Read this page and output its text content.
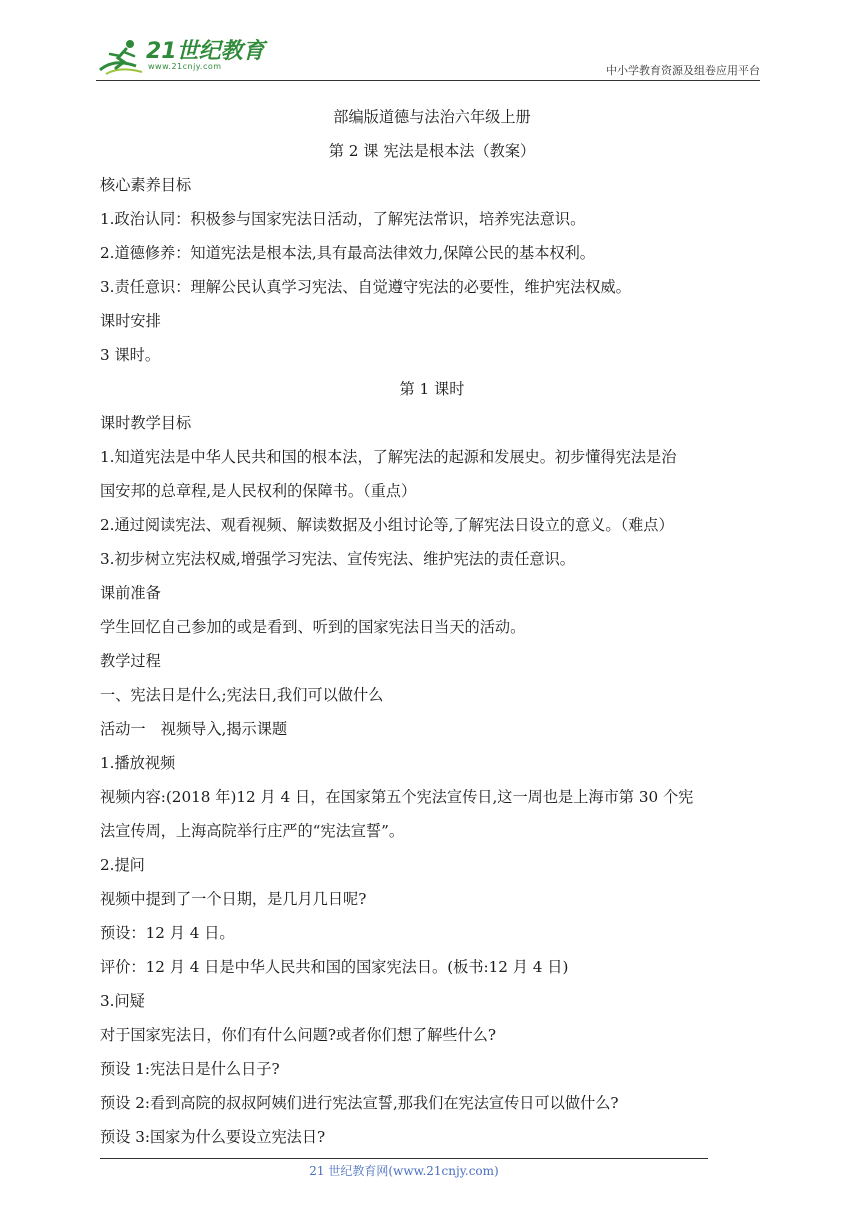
21世纪教育
www.21cnjy.com	中小学教育资源及组卷应用平台
部编版道德与法治六年级上册
第 2 课 宪法是根本法（教案）
核心素养目标
1.政治认同：积极参与国家宪法日活动，了解宪法常识，培养宪法意识。
2.道德修养：知道宪法是根本法,具有最高法律效力,保障公民的基本权利。
3.责任意识：理解公民认真学习宪法、自觉遵守宪法的必要性，维护宪法权威。
课时安排
3 课时。
第 1 课时
课时教学目标
1.知道宪法是中华人民共和国的根本法，了解宪法的起源和发展史。初步懂得宪法是治
国安邦的总章程,是人民权利的保障书。（重点）
2.通过阅读宪法、观看视频、解读数据及小组讨论等,了解宪法日设立的意义。（难点）
3.初步树立宪法权威,增强学习宪法、宣传宪法、维护宪法的责任意识。
课前准备
学生回忆自己参加的或是看到、听到的国家宪法日当天的活动。
教学过程
一、宪法日是什么;宪法日,我们可以做什么
活动一　视频导入,揭示课题
1.播放视频
视频内容:(2018 年)12 月 4 日，在国家第五个宪法宣传日,这一周也是上海市第 30 个宪
法宣传周，上海高院举行庄严的“宪法宣誓”。
2.提问
视频中提到了一个日期，是几月几日呢?
预设：12 月 4 日。
评价：12 月 4 日是中华人民共和国的国家宪法日。(板书:12 月 4 日)
3.问疑
对于国家宪法日，你们有什么问题?或者你们想了解些什么?
预设 1:宪法日是什么日子?
预设 2:看到高院的叔叔阿姨们进行宪法宣誓,那我们在宪法宣传日可以做什么?
预设 3:国家为什么要设立宪法日?
21 世纪教育网(www.21cnjy.com)
